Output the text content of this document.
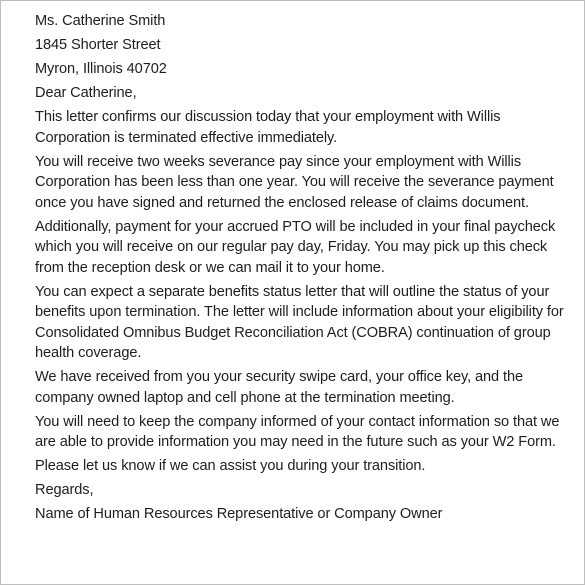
Ms. Catherine Smith

1845 Shorter Street

Myron, Illinois 40702

Dear Catherine,

This letter confirms our discussion today that your employment with Willis Corporation is terminated effective immediately.

You will receive two weeks severance pay since your employment with Willis Corporation has been less than one year. You will receive the severance payment once you have signed and returned the enclosed release of claims document.

Additionally, payment for your accrued PTO will be included in your final paycheck which you will receive on our regular pay day, Friday. You may pick up this check from the reception desk or we can mail it to your home.

You can expect a separate benefits status letter that will outline the status of your benefits upon termination. The letter will include information about your eligibility for Consolidated Omnibus Budget Reconciliation Act (COBRA) continuation of group health coverage.

We have received from you your security swipe card, your office key, and the company owned laptop and cell phone at the termination meeting.

You will need to keep the company informed of your contact information so that we are able to provide information you may need in the future such as your W2 Form.

Please let us know if we can assist you during your transition.

Regards,

Name of Human Resources Representative or Company Owner
